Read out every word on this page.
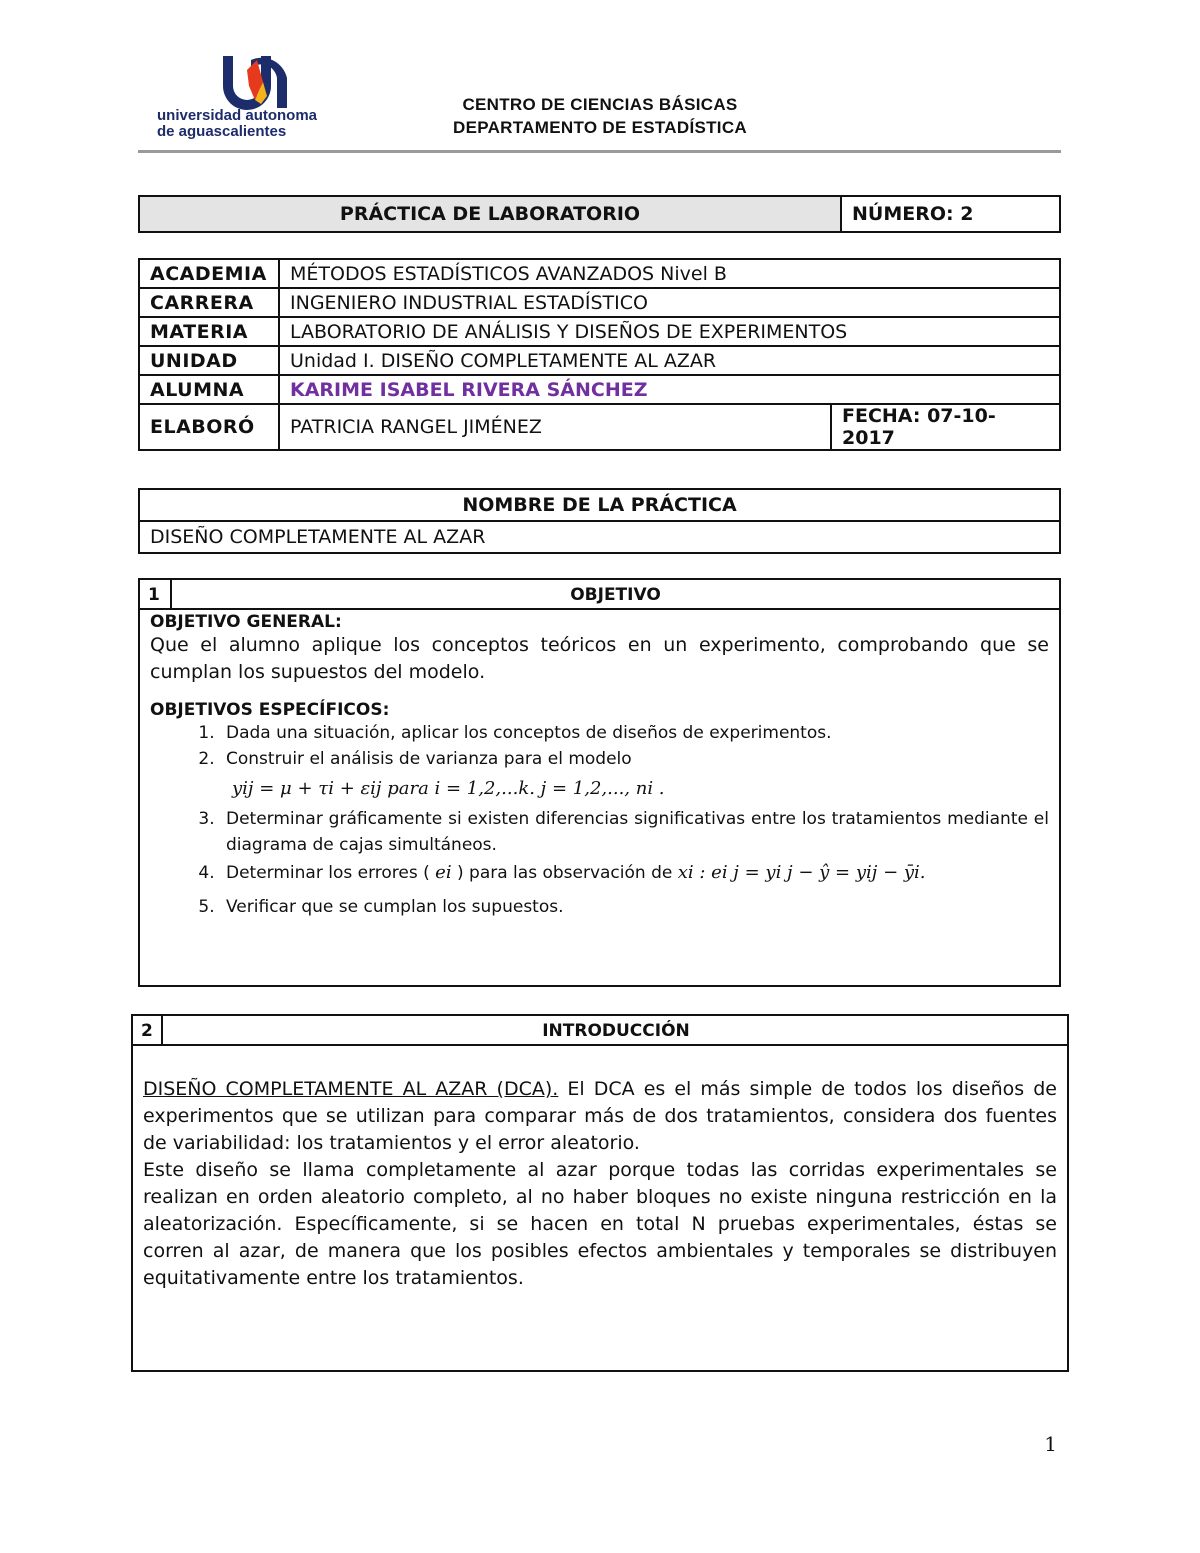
universidad autonoma
de aguascalientes
CENTRO DE CIENCIAS BÁSICAS
DEPARTAMENTO DE ESTADÍSTICA
PRÁCTICA DE LABORATORIO	NÚMERO: 2
ACADEMIA	MÉTODOS ESTADÍSTICOS AVANZADOS Nivel B	
CARRERA	INGENIERO INDUSTRIAL ESTADÍSTICO	
MATERIA	LABORATORIO DE ANÁLISIS Y DISEÑOS DE EXPERIMENTOS	
UNIDAD	Unidad I. DISEÑO COMPLETAMENTE AL AZAR	
ALUMNA	KARIME ISABEL RIVERA SÁNCHEZ	
ELABORÓ	PATRICIA RANGEL JIMÉNEZ	FECHA: 07-10- 2017
NOMBRE DE LA PRÁCTICA
DISEÑO COMPLETAMENTE AL AZAR
1	OBJETIVO
OBJETIVO GENERAL:
Que el alumno aplique los conceptos teóricos en un experimento, comprobando que se cumplan los supuestos del modelo.
OBJETIVOS ESPECÍFICOS:
1. Dada una situación, aplicar los conceptos de diseños de experimentos.
2. Construir el análisis de varianza para el modelo
yij = μ + τi + εij para i = 1,2,...k. j = 1,2,..., ni .
3. Determinar gráficamente si existen diferencias significativas entre los tratamientos mediante el diagrama de cajas simultáneos.
4. Determinar los errores ( ei ) para las observación de xi : ei j = yi j − ŷ = yij − ȳi.
5. Verificar que se cumplan los supuestos.
2	INTRODUCCIÓN
DISEÑO COMPLETAMENTE AL AZAR (DCA). El DCA es el más simple de todos los diseños de experimentos que se utilizan para comparar más de dos tratamientos, considera dos fuentes de variabilidad: los tratamientos y el error aleatorio.
Este diseño se llama completamente al azar porque todas las corridas experimentales se realizan en orden aleatorio completo, al no haber bloques no existe ninguna restricción en la aleatorización. Específicamente, si se hacen en total N pruebas experimentales, éstas se corren al azar, de manera que los posibles efectos ambientales y temporales se distribuyen equitativamente entre los tratamientos.
1
